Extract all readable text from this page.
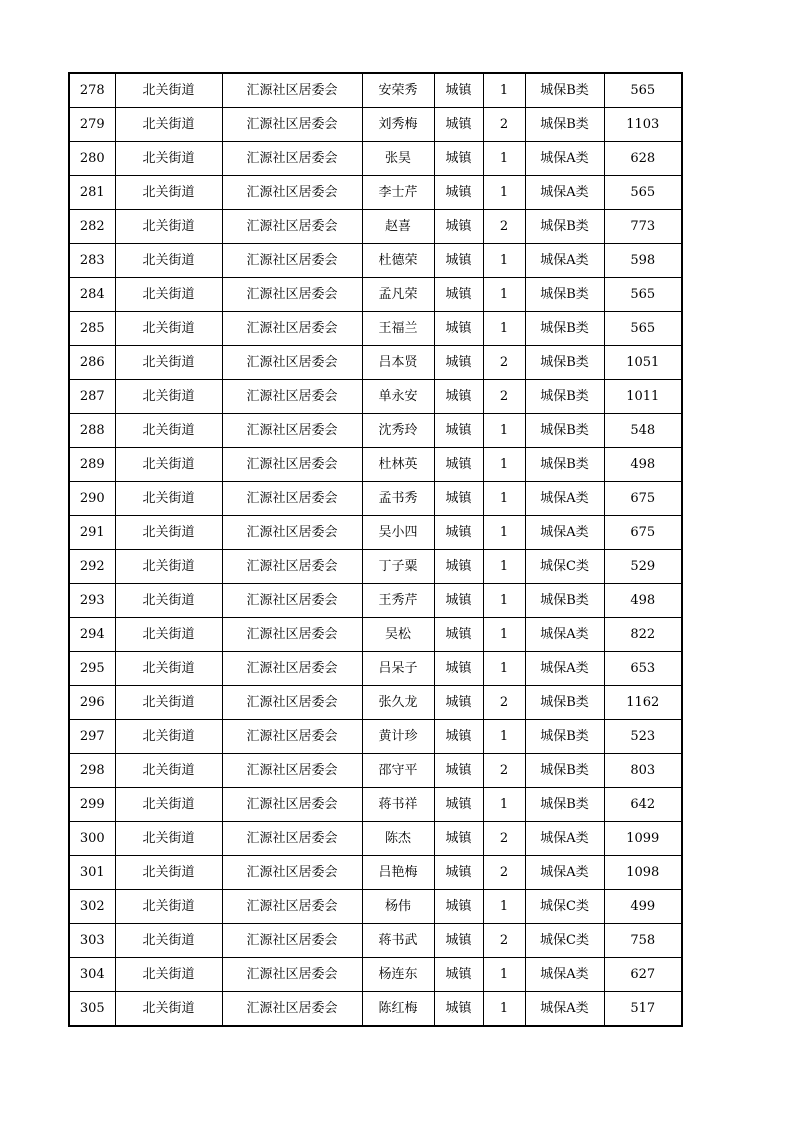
278	北关街道	汇源社区居委会	安荣秀	城镇	1	城保B类	565
279	北关街道	汇源社区居委会	刘秀梅	城镇	2	城保B类	1103
280	北关街道	汇源社区居委会	张昊	城镇	1	城保A类	628
281	北关街道	汇源社区居委会	李士芹	城镇	1	城保A类	565
282	北关街道	汇源社区居委会	赵喜	城镇	2	城保B类	773
283	北关街道	汇源社区居委会	杜德荣	城镇	1	城保A类	598
284	北关街道	汇源社区居委会	孟凡荣	城镇	1	城保B类	565
285	北关街道	汇源社区居委会	王福兰	城镇	1	城保B类	565
286	北关街道	汇源社区居委会	吕本贤	城镇	2	城保B类	1051
287	北关街道	汇源社区居委会	单永安	城镇	2	城保B类	1011
288	北关街道	汇源社区居委会	沈秀玲	城镇	1	城保B类	548
289	北关街道	汇源社区居委会	杜林英	城镇	1	城保B类	498
290	北关街道	汇源社区居委会	孟书秀	城镇	1	城保A类	675
291	北关街道	汇源社区居委会	吴小四	城镇	1	城保A类	675
292	北关街道	汇源社区居委会	丁子粟	城镇	1	城保C类	529
293	北关街道	汇源社区居委会	王秀芹	城镇	1	城保B类	498
294	北关街道	汇源社区居委会	吴松	城镇	1	城保A类	822
295	北关街道	汇源社区居委会	吕呆子	城镇	1	城保A类	653
296	北关街道	汇源社区居委会	张久龙	城镇	2	城保B类	1162
297	北关街道	汇源社区居委会	黄计珍	城镇	1	城保B类	523
298	北关街道	汇源社区居委会	邵守平	城镇	2	城保B类	803
299	北关街道	汇源社区居委会	蒋书祥	城镇	1	城保B类	642
300	北关街道	汇源社区居委会	陈杰	城镇	2	城保A类	1099
301	北关街道	汇源社区居委会	吕艳梅	城镇	2	城保A类	1098
302	北关街道	汇源社区居委会	杨伟	城镇	1	城保C类	499
303	北关街道	汇源社区居委会	蒋书武	城镇	2	城保C类	758
304	北关街道	汇源社区居委会	杨连东	城镇	1	城保A类	627
305	北关街道	汇源社区居委会	陈红梅	城镇	1	城保A类	517
